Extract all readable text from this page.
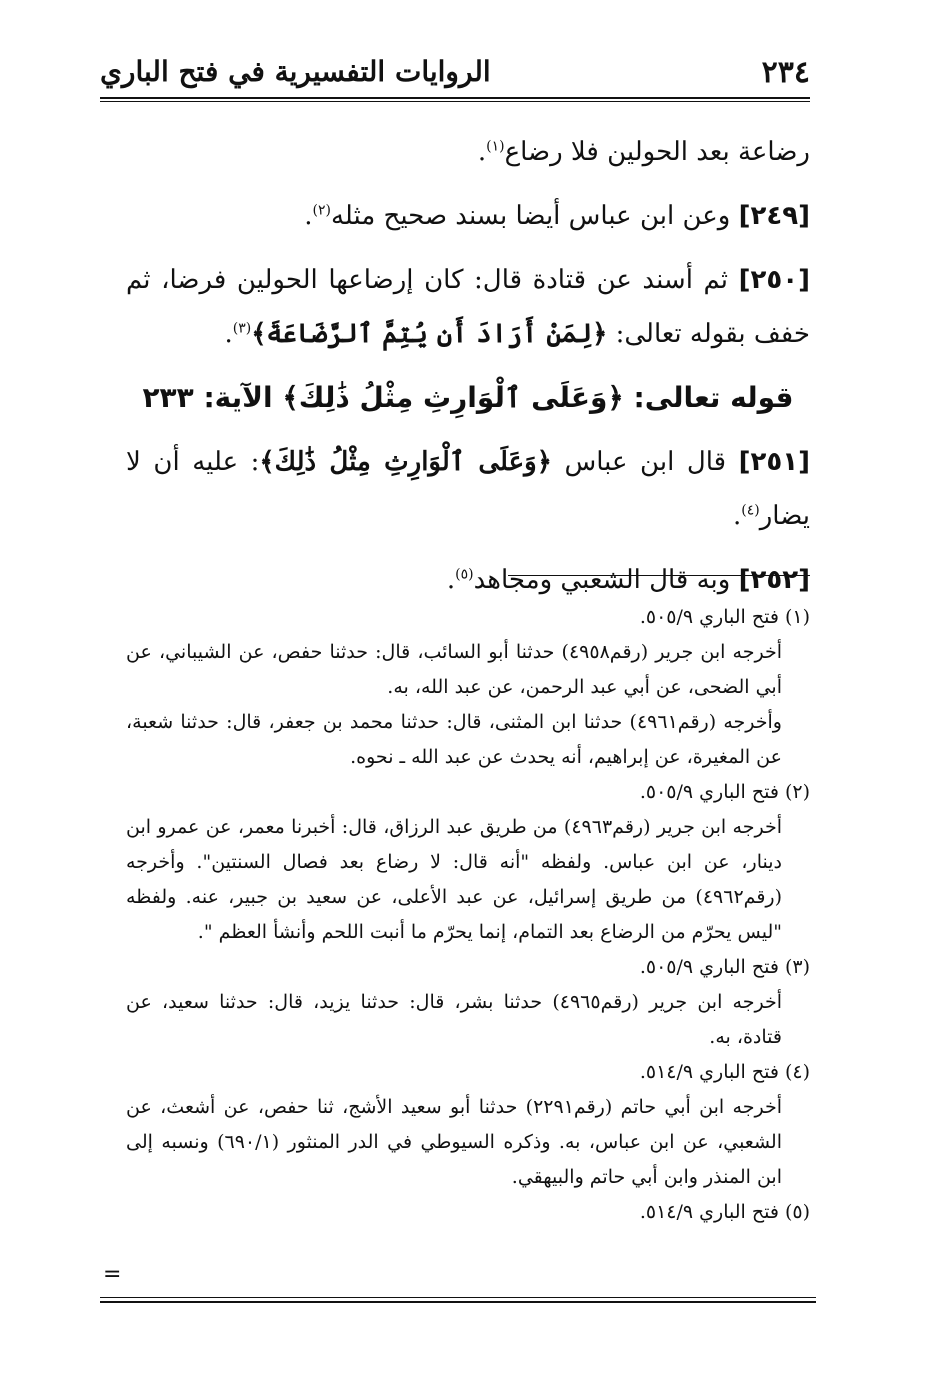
٢٣٤
الروايات التفسيرية في فتح الباري

رضاعة بعد الحولين فلا رضاع$^{(١)}$.

[٢٤٩] وعن ابن عباس أيضا بسند صحيح مثله$^{(٢)}$.

[٢٥٠] ثم أسند عن قتادة قال: كان إرضاعها الحولين فرضا، ثم خفف بقوله تعالى: ﴿لِمَنْ أَرَادَ أَن يُتِمَّ ٱلرَّضَاعَةَ﴾$^{(٣)}$.

قوله تعالى: ﴿وَعَلَى ٱلْوَارِثِ مِثْلُ ذَٰلِكَ﴾ الآية: ٢٣٣

[٢٥١] قال ابن عباس ﴿وَعَلَى ٱلْوَارِثِ مِثْلُ ذَٰلِكَ﴾: عليه أن لا يضار$^{(٤)}$.

[٢٥٢] وبه قال الشعبي ومجاهد$^{(٥)}$.

(١) فتح الباري ٥٠٥/٩.

أخرجه ابن جرير (رقم٤٩٥٨) حدثنا أبو السائب، قال: حدثنا حفص، عن الشيباني، عن أبي الضحى، عن أبي عبد الرحمن، عن عبد الله، به.

وأخرجه (رقم٤٩٦١) حدثنا ابن المثنى، قال: حدثنا محمد بن جعفر، قال: حدثنا شعبة، عن المغيرة، عن إبراهيم، أنه يحدث عن عبد الله ـ نحوه.

(٢) فتح الباري ٥٠٥/٩.

أخرجه ابن جرير (رقم٤٩٦٣) من طريق عبد الرزاق، قال: أخبرنا معمر، عن عمرو ابن دينار، عن ابن عباس. ولفظه "أنه قال: لا رضاع بعد فصال السنتين". وأخرجه (رقم٤٩٦٢) من طريق إسرائيل، عن عبد الأعلى، عن سعيد بن جبير، عنه. ولفظه "ليس يحرّم من الرضاع بعد التمام، إنما يحرّم ما أنبت اللحم وأنشأ العظم ".

(٣) فتح الباري ٥٠٥/٩.

أخرجه ابن جرير (رقم٤٩٦٥) حدثنا بشر، قال: حدثنا يزيد، قال: حدثنا سعيد، عن قتادة، به.

(٤) فتح الباري ٥١٤/٩.

أخرجه ابن أبي حاتم (رقم٢٢٩١) حدثنا أبو سعيد الأشج، ثنا حفص، عن أشعث، عن الشعبي، عن ابن عباس، به. وذكره السيوطي في الدر المنثور (٦٩٠/١) ونسبه إلى ابن المنذر وابن أبي حاتم والبيهقي.

(٥) فتح الباري ٥١٤/٩.

=
